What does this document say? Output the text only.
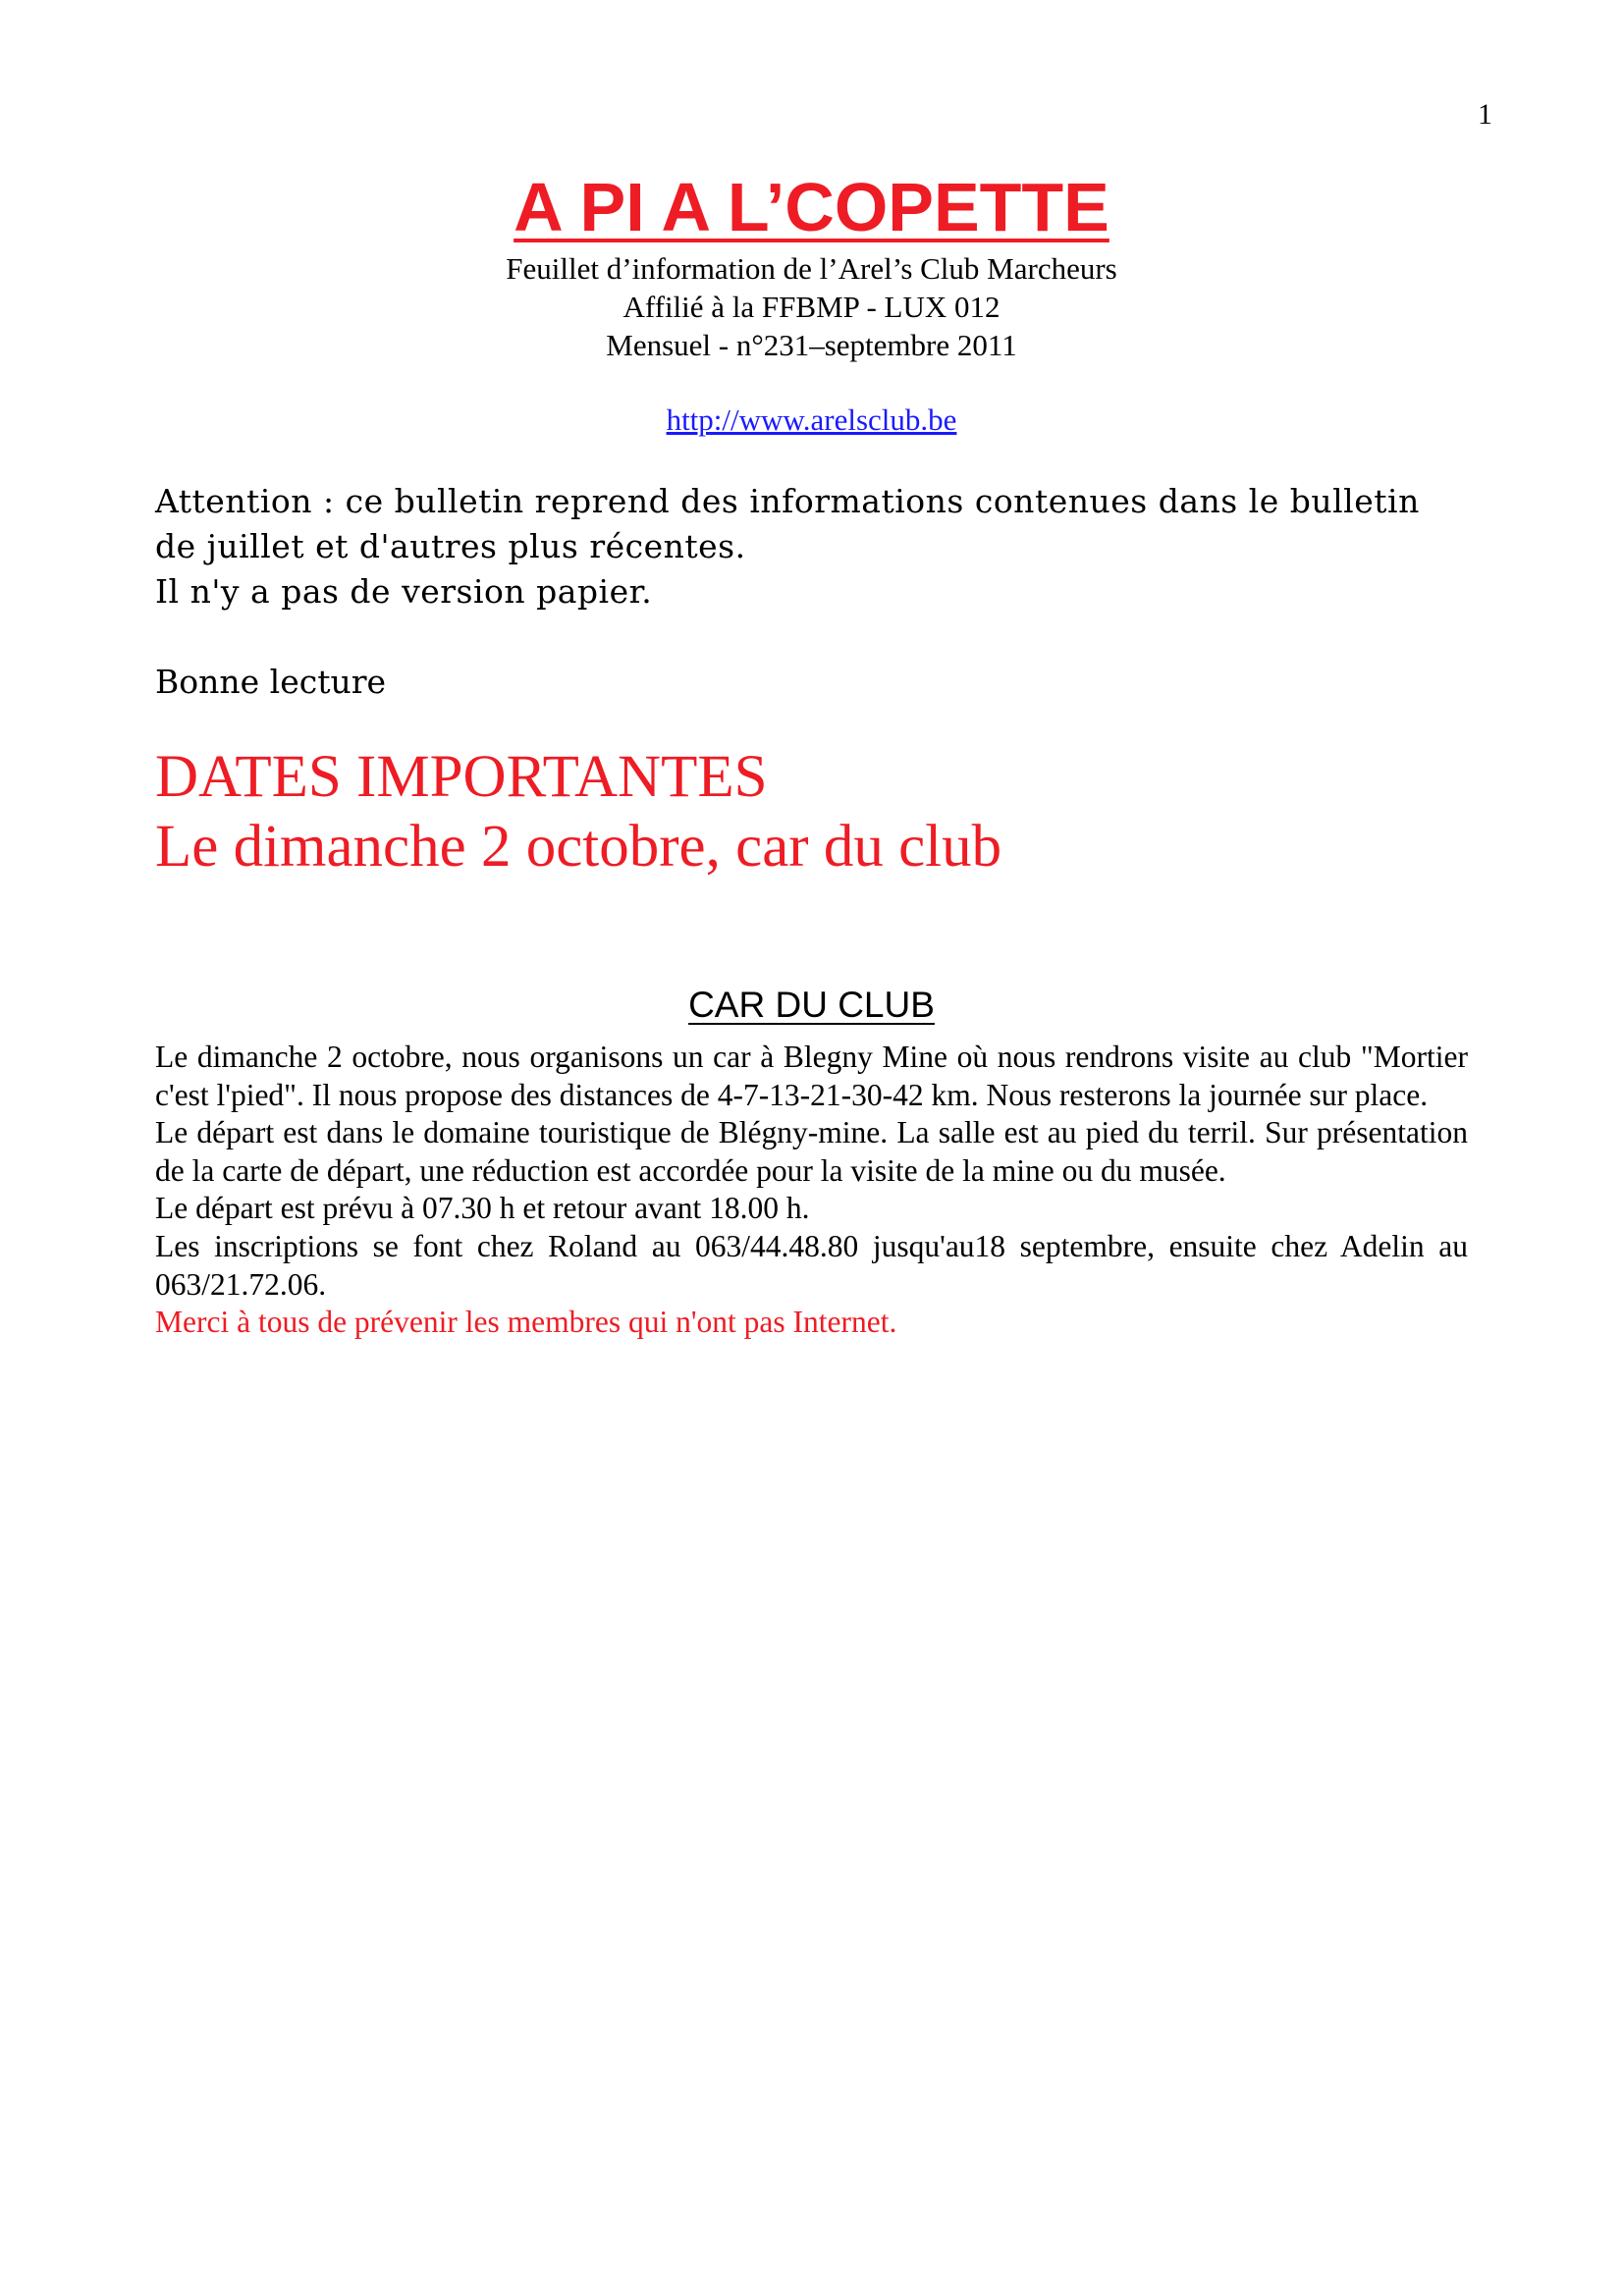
1
A PI A L’COPETTE

Feuillet d’information de l’Arel’s Club Marcheurs

Affilié à la FFBMP - LUX 012

Mensuel - n°231–septembre 2011

http://www.arelsclub.be

Attention : ce bulletin reprend des informations contenues dans le bulletin de juillet et d'autres plus récentes.

Il n'y a pas de version papier.

Bonne lecture

DATES IMPORTANTES

Le dimanche 2 octobre, car du club

CAR DU CLUB

Le dimanche 2 octobre, nous organisons un car à Blegny Mine où nous rendrons visite au club "Mortier c'est l'pied". Il nous propose des distances de 4-7-13-21-30-42 km. Nous resterons la journée sur place.

Le départ est dans le domaine touristique de Blégny-mine. La salle est au pied du terril. Sur présentation de la carte de départ, une réduction est accordée pour la visite de la mine ou du musée.

Le départ est prévu à 07.30 h et retour avant 18.00 h.

Les inscriptions se font chez Roland au 063/44.48.80 jusqu'au18 septembre, ensuite chez Adelin au 063/21.72.06.

Merci à tous de prévenir les membres qui n'ont pas Internet.
